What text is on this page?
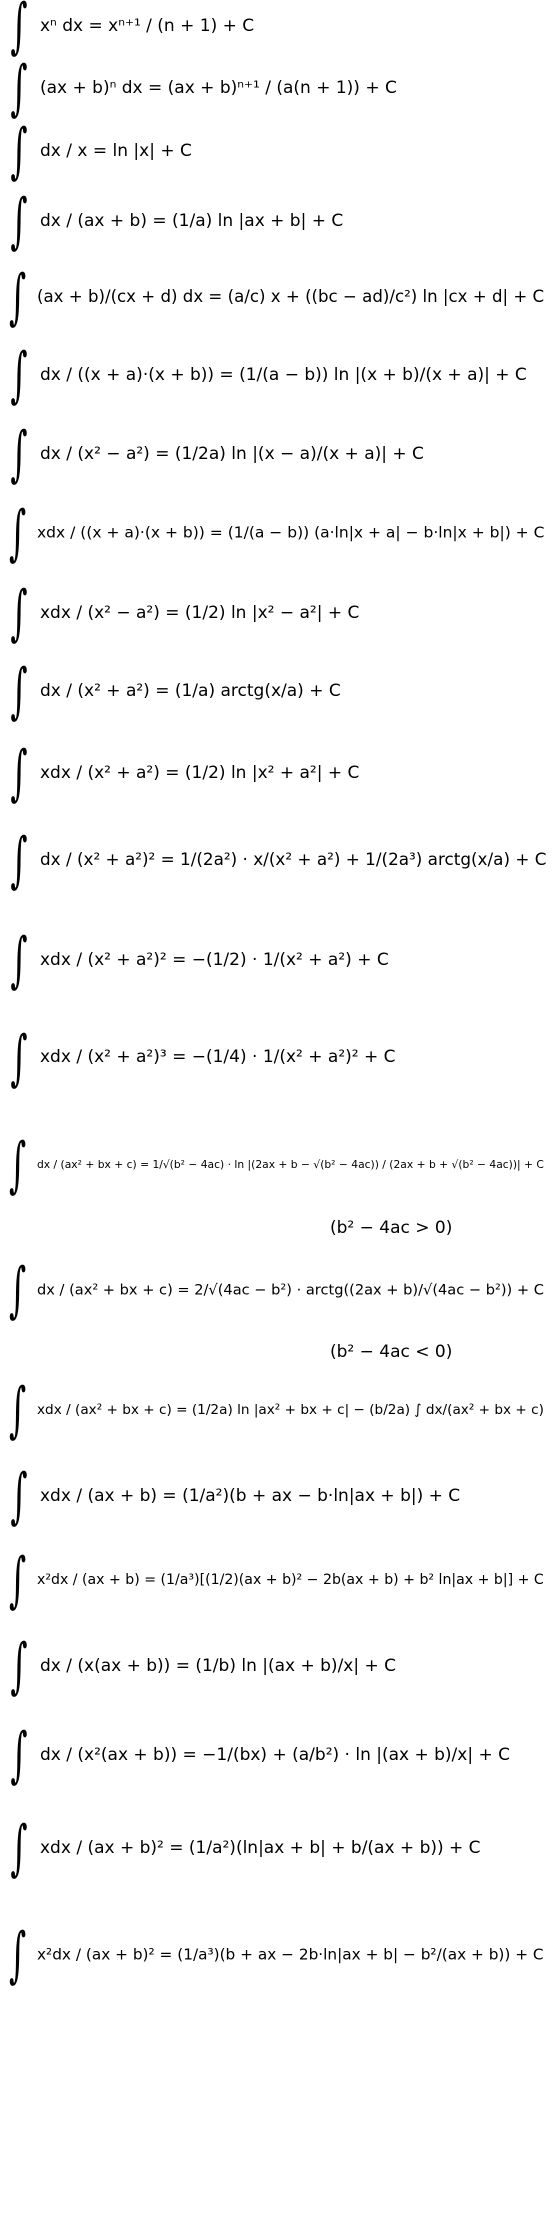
∫ xⁿ dx = xⁿ⁺¹ / (n + 1) + C
∫ (ax + b)ⁿ dx = (ax + b)ⁿ⁺¹ / (a(n + 1)) + C
∫ dx / x = ln |x| + C
∫ dx / (ax + b) = (1/a) ln |ax + b| + C
∫ (ax + b)/(cx + d) dx = (a/c) x + ((bc − ad)/c²) ln |cx + d| + C
∫ dx / ((x + a)·(x + b)) = (1/(a − b)) ln |(x + b)/(x + a)| + C
∫ dx / (x² − a²) = (1/2a) ln |(x − a)/(x + a)| + C
∫ xdx / ((x + a)·(x + b)) = (1/(a − b)) (a·ln|x + a| − b·ln|x + b|) + C
∫ xdx / (x² − a²) = (1/2) ln |x² − a²| + C
∫ dx / (x² + a²) = (1/a) arctg(x/a) + C
∫ xdx / (x² + a²) = (1/2) ln |x² + a²| + C
∫ dx / (x² + a²)² = 1/(2a²) · x/(x² + a²) + 1/(2a³) arctg(x/a) + C
∫ xdx / (x² + a²)² = −(1/2) · 1/(x² + a²) + C
∫ xdx / (x² + a²)³ = −(1/4) · 1/(x² + a²)² + C
∫ dx / (ax² + bx + c) = 1/√(b² − 4ac) · ln |(2ax + b − √(b² − 4ac)) / (2ax + b + √(b² − 4ac))| + C
∫ dx / (ax² + bx + c) = 2/√(4ac − b²) · arctg((2ax + b)/√(4ac − b²)) + C
∫ xdx / (ax² + bx + c) = (1/2a) ln |ax² + bx + c| − (b/2a) ∫ dx/(ax² + bx + c)
∫ xdx / (ax + b) = (1/a²)(b + ax − b·ln|ax + b|) + C
∫ x²dx / (ax + b) = (1/a³)[(1/2)(ax + b)² − 2b(ax + b) + b² ln|ax + b|] + C
∫ dx / (x(ax + b)) = (1/b) ln |(ax + b)/x| + C
∫ dx / (x²(ax + b)) = −1/(bx) + (a/b²) · ln |(ax + b)/x| + C
∫ xdx / (ax + b)² = (1/a²)(ln|ax + b| + b/(ax + b)) + C
∫ x²dx / (ax + b)² = (1/a³)(b + ax − 2b·ln|ax + b| − b²/(ax + b)) + C
(b² − 4ac > 0)
(b² − 4ac < 0)
